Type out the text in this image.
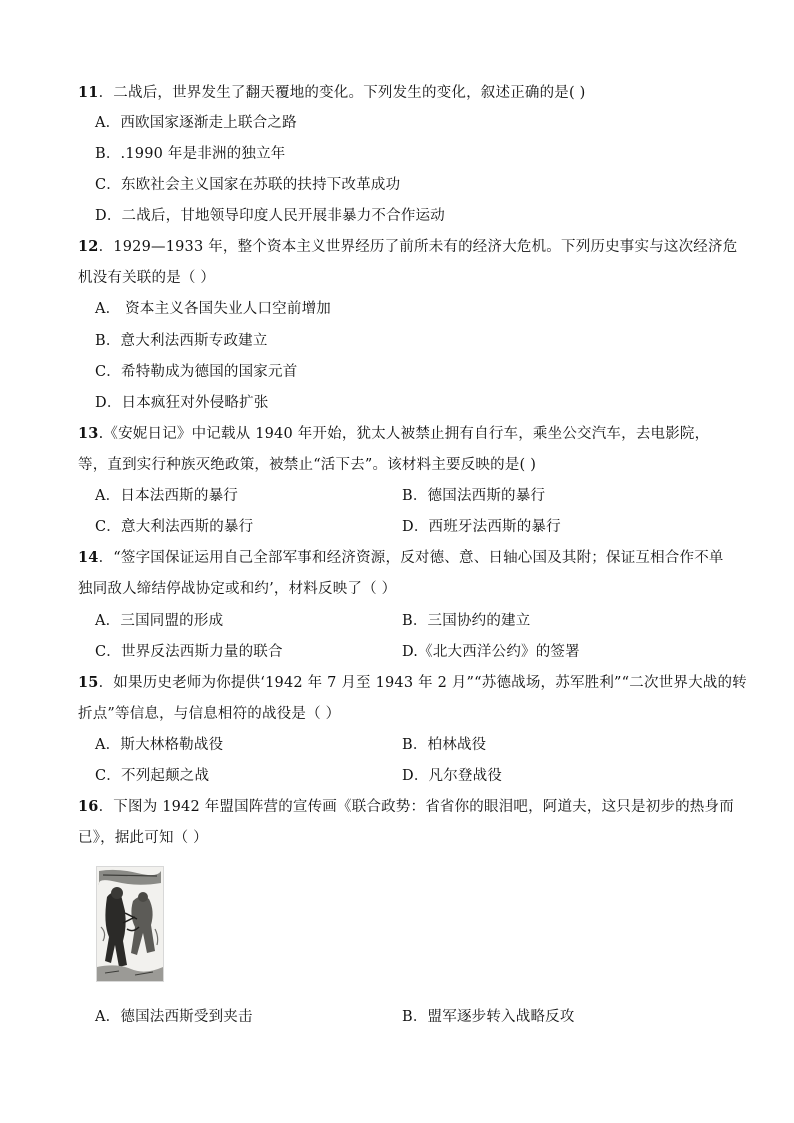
11．二战后，世界发生了翻天覆地的变化。下列发生的变化，叙述正确的是( )
A．西欧国家逐渐走上联合之路
B．.1990 年是非洲的独立年
C．东欧社会主义国家在苏联的扶持下改革成功
D．二战后，甘地领导印度人民开展非暴力不合作运动
12．1929—1933 年，整个资本主义世界经历了前所未有的经济大危机。下列历史事实与这次经济危
机没有关联的是（ ）
A． 资本主义各国失业人口空前增加
B．意大利法西斯专政建立
C．希特勒成为德国的国家元首
D．日本疯狂对外侵略扩张
13.《安妮日记》中记载从 1940 年开始，犹太人被禁止拥有自行车，乘坐公交汽车，去电影院，
等，直到实行种族灭绝政策，被禁止“活下去”。该材料主要反映的是( )
A．日本法西斯的暴行	B．德国法西斯的暴行
C．意大利法西斯的暴行	D．西班牙法西斯的暴行
14．“签字国保证运用自己全部军事和经济资源，反对德、意、日轴心国及其附；保证互相合作不单
独同敌人缔结停战协定或和约’，材料反映了（ ）
A．三国同盟的形成	B．三国协约的建立
C．世界反法西斯力量的联合	D.《北大西洋公约》的签署
15．如果历史老师为你提供‘1942 年 7 月至 1943 年 2 月”“苏德战场，苏军胜利”“二次世界大战的转
折点”等信息，与信息相符的战役是（ ）
A．斯大林格勒战役	B．柏林战役
C．不列起颠之战	D．凡尔登战役
16．下图为 1942 年盟国阵营的宣传画《联合政势：省省你的眼泪吧，阿道夫，这只是初步的热身而
已》，据此可知（ ）
A．德国法西斯受到夹击	B．盟军逐步转入战略反攻
